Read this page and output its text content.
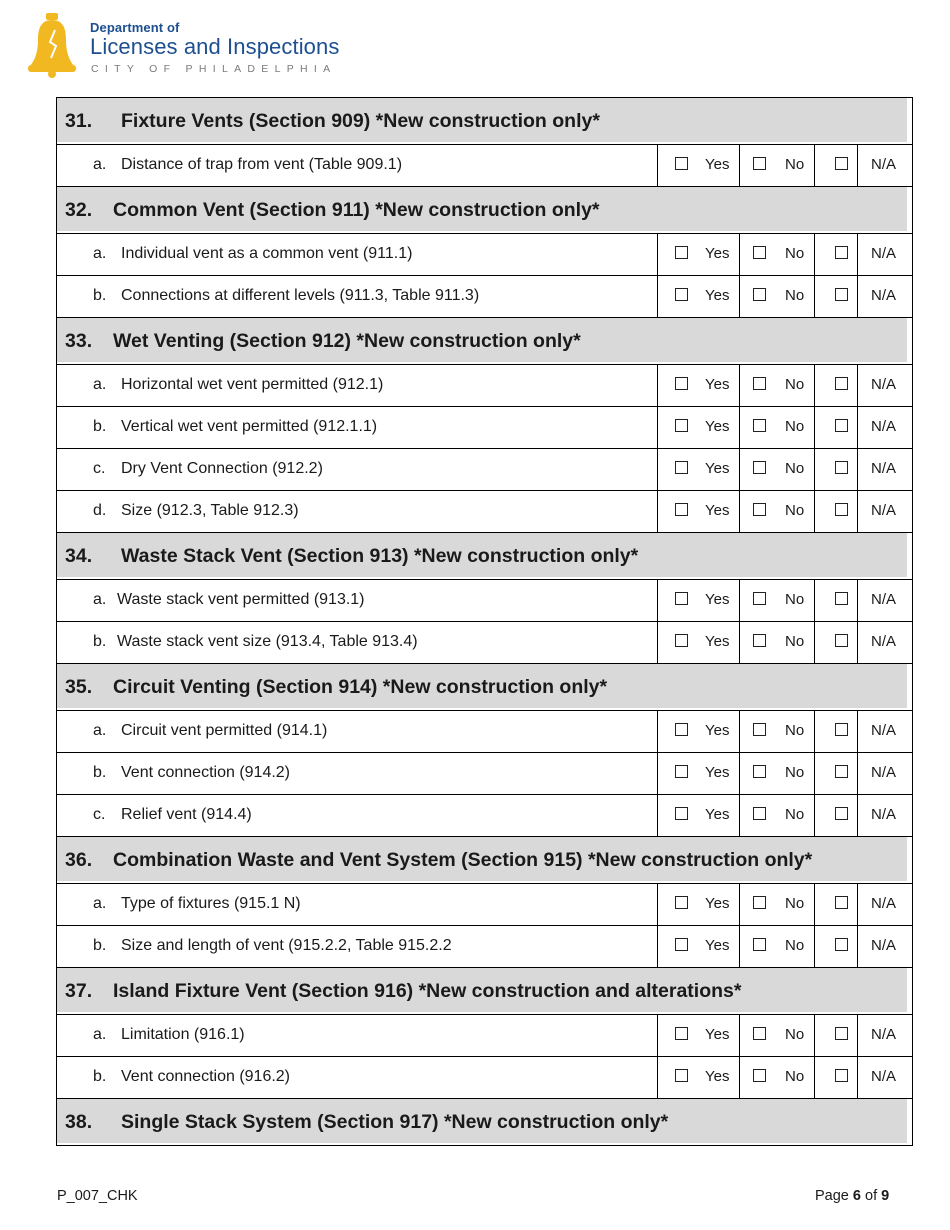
Department of
Licenses and Inspections
CITY OF PHILADELPHIA
31. Fixture Vents (Section 909) *New construction only*
a. Distance of trap from vent (Table 909.1)	Yes	No	N/A
32. Common Vent (Section 911) *New construction only*
a. Individual vent as a common vent (911.1)	Yes	No	N/A
b. Connections at different levels (911.3, Table 911.3)	Yes	No	N/A
33. Wet Venting (Section 912) *New construction only*
a. Horizontal wet vent permitted (912.1)	Yes	No	N/A
b. Vertical wet vent permitted (912.1.1)	Yes	No	N/A
c. Dry Vent Connection (912.2)	Yes	No	N/A
d. Size (912.3, Table 912.3)	Yes	No	N/A
34. Waste Stack Vent (Section 913) *New construction only*
a. Waste stack vent permitted (913.1)	Yes	No	N/A
b. Waste stack vent size (913.4, Table 913.4)	Yes	No	N/A
35. Circuit Venting (Section 914) *New construction only*
a. Circuit vent permitted (914.1)	Yes	No	N/A
b. Vent connection (914.2)	Yes	No	N/A
c. Relief vent (914.4)	Yes	No	N/A
36. Combination Waste and Vent System (Section 915) *New construction only*
a. Type of fixtures (915.1 N)	Yes	No	N/A
b. Size and length of vent (915.2.2, Table 915.2.2	Yes	No	N/A
37. Island Fixture Vent (Section 916) *New construction and alterations*
a. Limitation (916.1)	Yes	No	N/A
b. Vent connection (916.2)	Yes	No	N/A
38. Single Stack System (Section 917) *New construction only*
P_007_CHK	Page 6 of 9
